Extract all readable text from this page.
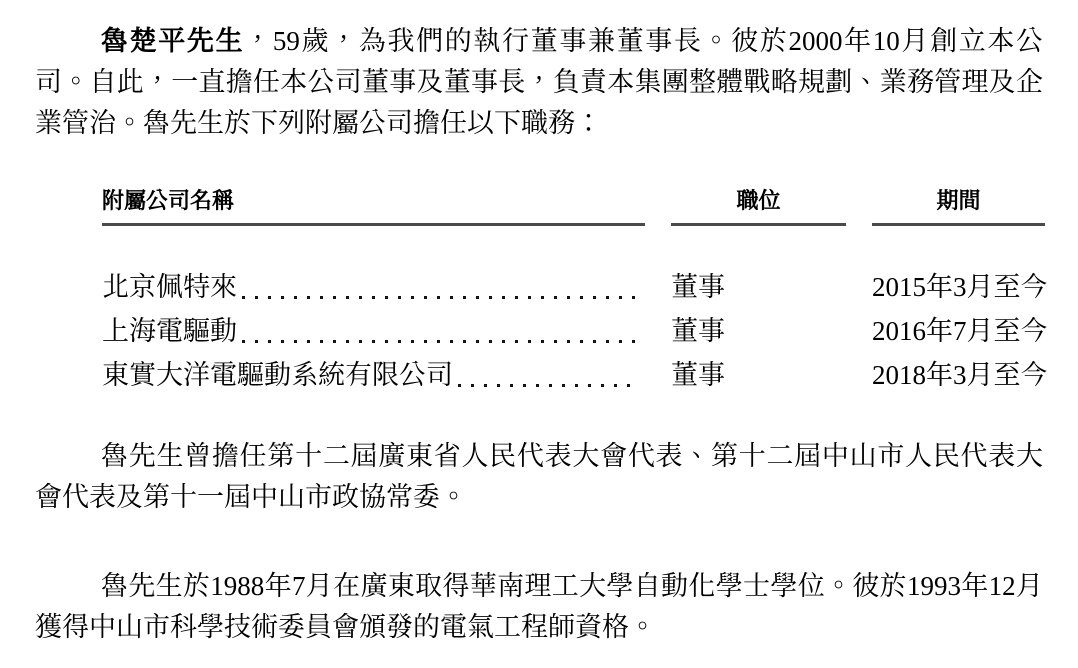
魯楚平先生，59歲，為我們的執行董事兼董事長。彼於2000年10月創立本公司。自此，一直擔任本公司董事及董事長，負責本集團整體戰略規劃、業務管理及企業管治。魯先生於下列附屬公司擔任以下職務：

附屬公司名稱	職位	期間
北京佩特來	董事	2015年3月至今
上海電驅動	董事	2016年7月至今
東實大洋電驅動系統有限公司	董事	2018年3月至今

魯先生曾擔任第十二屆廣東省人民代表大會代表、第十二屆中山市人民代表大會代表及第十一屆中山市政協常委。

魯先生於1988年7月在廣東取得華南理工大學自動化學士學位。彼於1993年12月獲得中山市科學技術委員會頒發的電氣工程師資格。
